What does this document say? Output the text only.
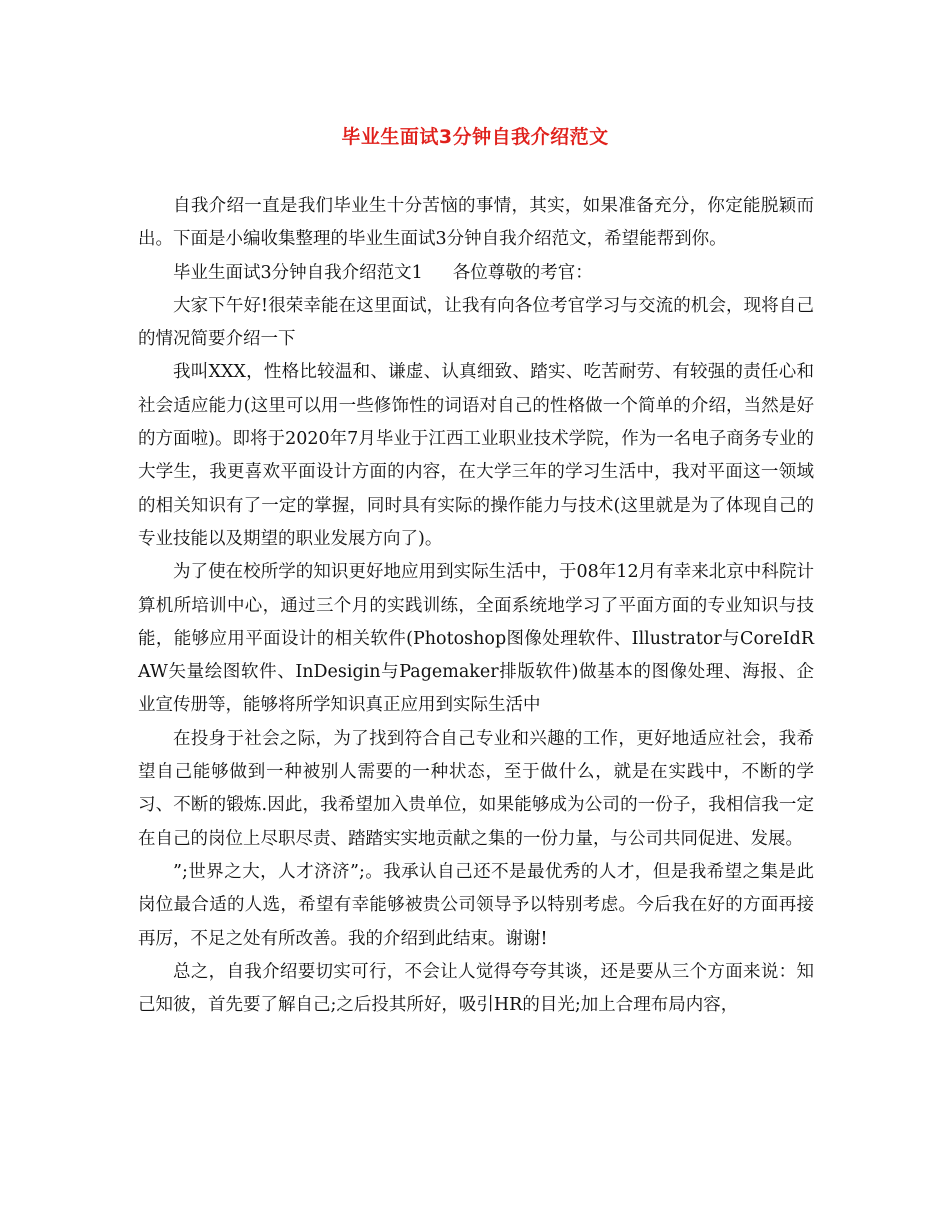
毕业生面试3分钟自我介绍范文

自我介绍一直是我们毕业生十分苦恼的事情，其实，如果准备充分，你定能脱颖而出。下面是小编收集整理的毕业生面试3分钟自我介绍范文，希望能帮到你。

毕业生面试3分钟自我介绍范文1 各位尊敬的考官：

大家下午好!很荣幸能在这里面试，让我有向各位考官学习与交流的机会，现将自己的情况简要介绍一下

我叫XXX，性格比较温和、谦虚、认真细致、踏实、吃苦耐劳、有较强的责任心和社会适应能力(这里可以用一些修饰性的词语对自己的性格做一个简单的介绍，当然是好的方面啦)。即将于2020年7月毕业于江西工业职业技术学院，作为一名电子商务专业的大学生，我更喜欢平面设计方面的内容，在大学三年的学习生活中，我对平面这一领域的相关知识有了一定的掌握，同时具有实际的操作能力与技术(这里就是为了体现自己的专业技能以及期望的职业发展方向了)。

为了使在校所学的知识更好地应用到实际生活中，于08年12月有幸来北京中科院计算机所培训中心，通过三个月的实践训练，全面系统地学习了平面方面的专业知识与技能，能够应用平面设计的相关软件(Photoshop图像处理软件、Illustrator与CoreIdRAW矢量绘图软件、InDesigin与Pagemaker排版软件)做基本的图像处理、海报、企业宣传册等，能够将所学知识真正应用到实际生活中

在投身于社会之际，为了找到符合自己专业和兴趣的工作，更好地适应社会，我希望自己能够做到一种被别人需要的一种状态，至于做什么，就是在实践中，不断的学习、不断的锻炼.因此，我希望加入贵单位，如果能够成为公司的一份子，我相信我一定在自己的岗位上尽职尽责、踏踏实实地贡献之集的一份力量，与公司共同促进、发展。

”;世界之大，人才济济”;。我承认自己还不是最优秀的人才，但是我希望之集是此岗位最合适的人选，希望有幸能够被贵公司领导予以特别考虑。今后我在好的方面再接再厉，不足之处有所改善。我的介绍到此结束。谢谢!

总之，自我介绍要切实可行，不会让人觉得夸夸其谈，还是要从三个方面来说：知己知彼，首先要了解自己;之后投其所好，吸引HR的目光;加上合理布局内容，
